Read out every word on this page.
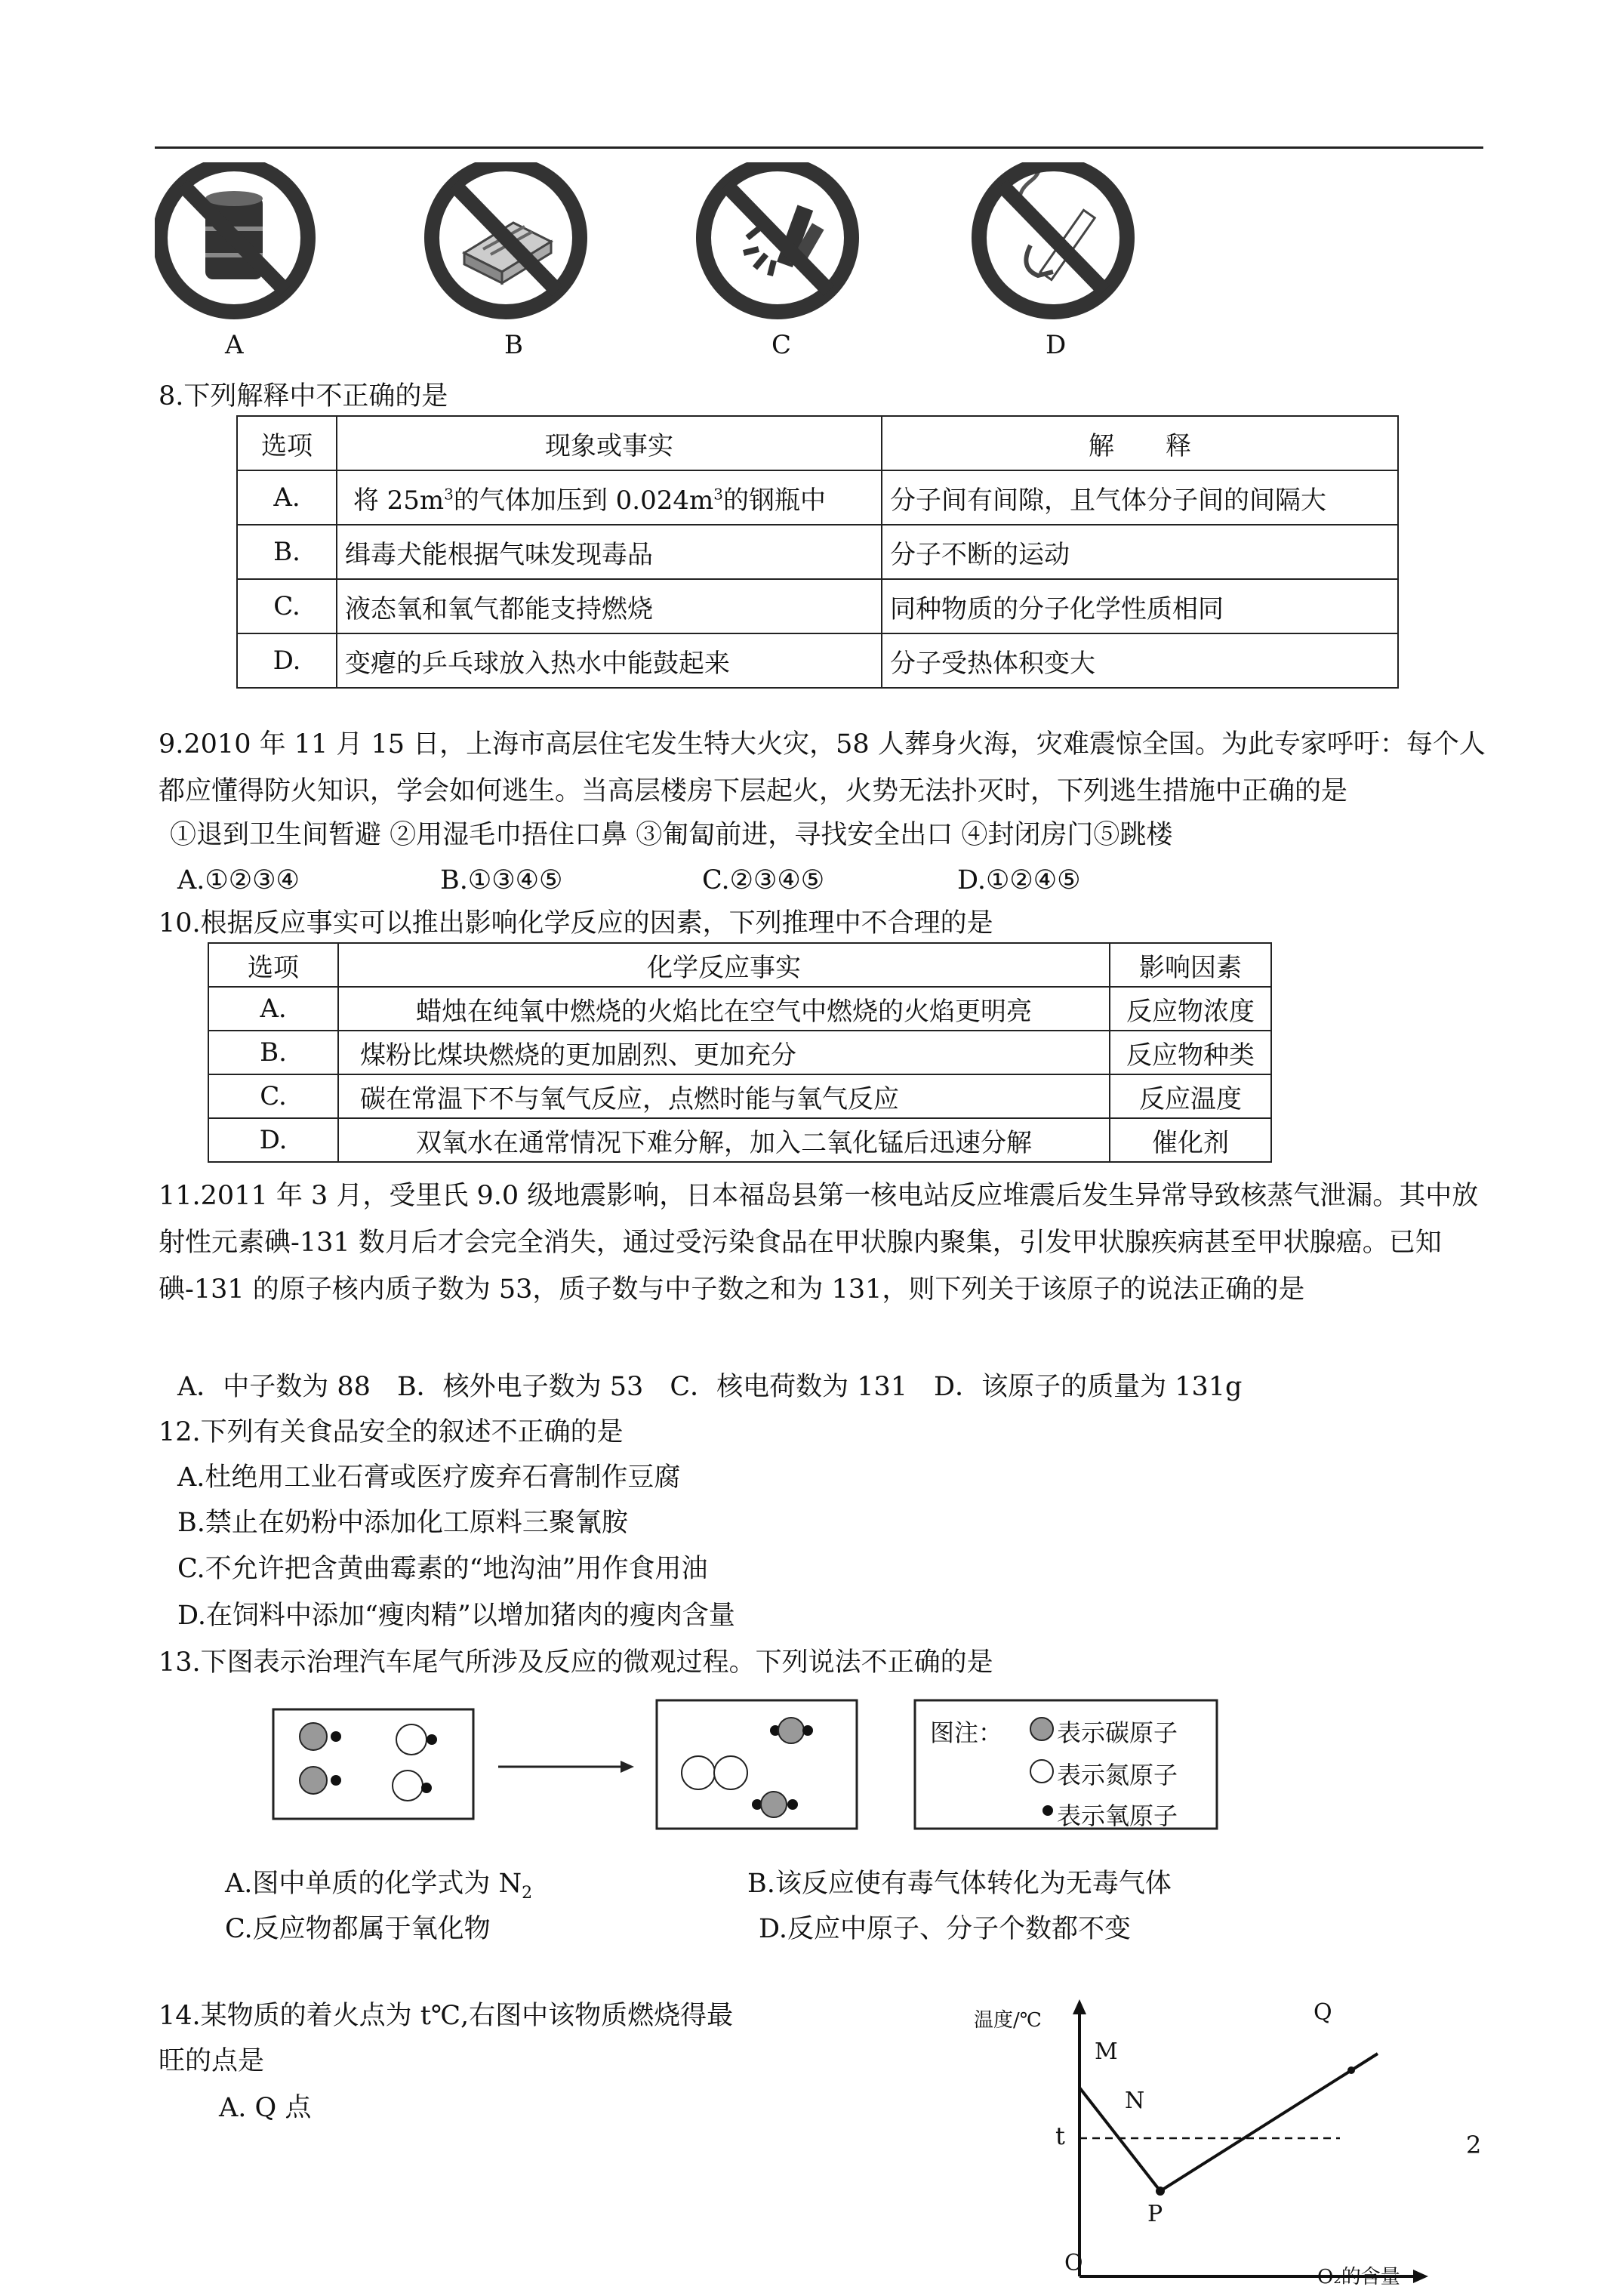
A	B	C	D
8.下列解释中不正确的是
选项	现象或事实	解　　释
A.	将 $25m^3$的气体加压到 $0.024m^3$的钢瓶中	分子间有间隙，且气体分子间的间隔大
B.	缉毒犬能根据气味发现毒品	分子不断的运动
C.	液态氧和氧气都能支持燃烧	同种物质的分子化学性质相同
D.	变瘪的乒乓球放入热水中能鼓起来	分子受热体积变大
9.2010 年 11 月 15 日，上海市高层住宅发生特大火灾，58 人葬身火海，灾难震惊全国。为此专家呼吁：每个人都应懂得防火知识，学会如何逃生。当高层楼房下层起火，火势无法扑灭时，下列逃生措施中正确的是
①退到卫生间暂避 ②用湿毛巾捂住口鼻 ③匍匐前进，寻找安全出口 ④封闭房门⑤跳楼
A.①②③④	B.①③④⑤	C.②③④⑤	D.①②④⑤
10.根据反应事实可以推出影响化学反应的因素，下列推理中不合理的是
选项	化学反应事实	影响因素
A.	蜡烛在纯氧中燃烧的火焰比在空气中燃烧的火焰更明亮	反应物浓度
B.	煤粉比煤块燃烧的更加剧烈、更加充分	反应物种类
C.	碳在常温下不与氧气反应，点燃时能与氧气反应	反应温度
D.	双氧水在通常情况下难分解，加入二氧化锰后迅速分解	催化剂
11.2011 年 3 月，受里氏 9.0 级地震影响，日本福岛县第一核电站反应堆震后发生异常导致核蒸气泄漏。其中放射性元素碘-131 数月后才会完全消失，通过受污染食品在甲状腺内聚集，引发甲状腺疾病甚至甲状腺癌。已知碘-131 的原子核内质子数为 53，质子数与中子数之和为 131，则下列关于该原子的说法正确的是
A．中子数为 88　B．核外电子数为 53　C．核电荷数为 131　D．该原子的质量为 131g
12.下列有关食品安全的叙述不正确的是
A.杜绝用工业石膏或医疗废弃石膏制作豆腐
B.禁止在奶粉中添加化工原料三聚氰胺
C.不允许把含黄曲霉素的“地沟油”用作食用油
D.在饲料中添加“瘦肉精”以增加猪肉的瘦肉含量
13.下图表示治理汽车尾气所涉及反应的微观过程。下列说法不正确的是
图注： 表示碳原子
表示氮原子
表示氧原子
A.图中单质的化学式为 $N_2$	B.该反应使有毒气体转化为无毒气体
C.反应物都属于氧化物	D.反应中原子、分子个数都不变
14.某物质的着火点为 t℃,右图中该物质燃烧得最
旺的点是
A. Q 点
温度/℃	Q
M
N
t
P
O
O₂的含量
2
